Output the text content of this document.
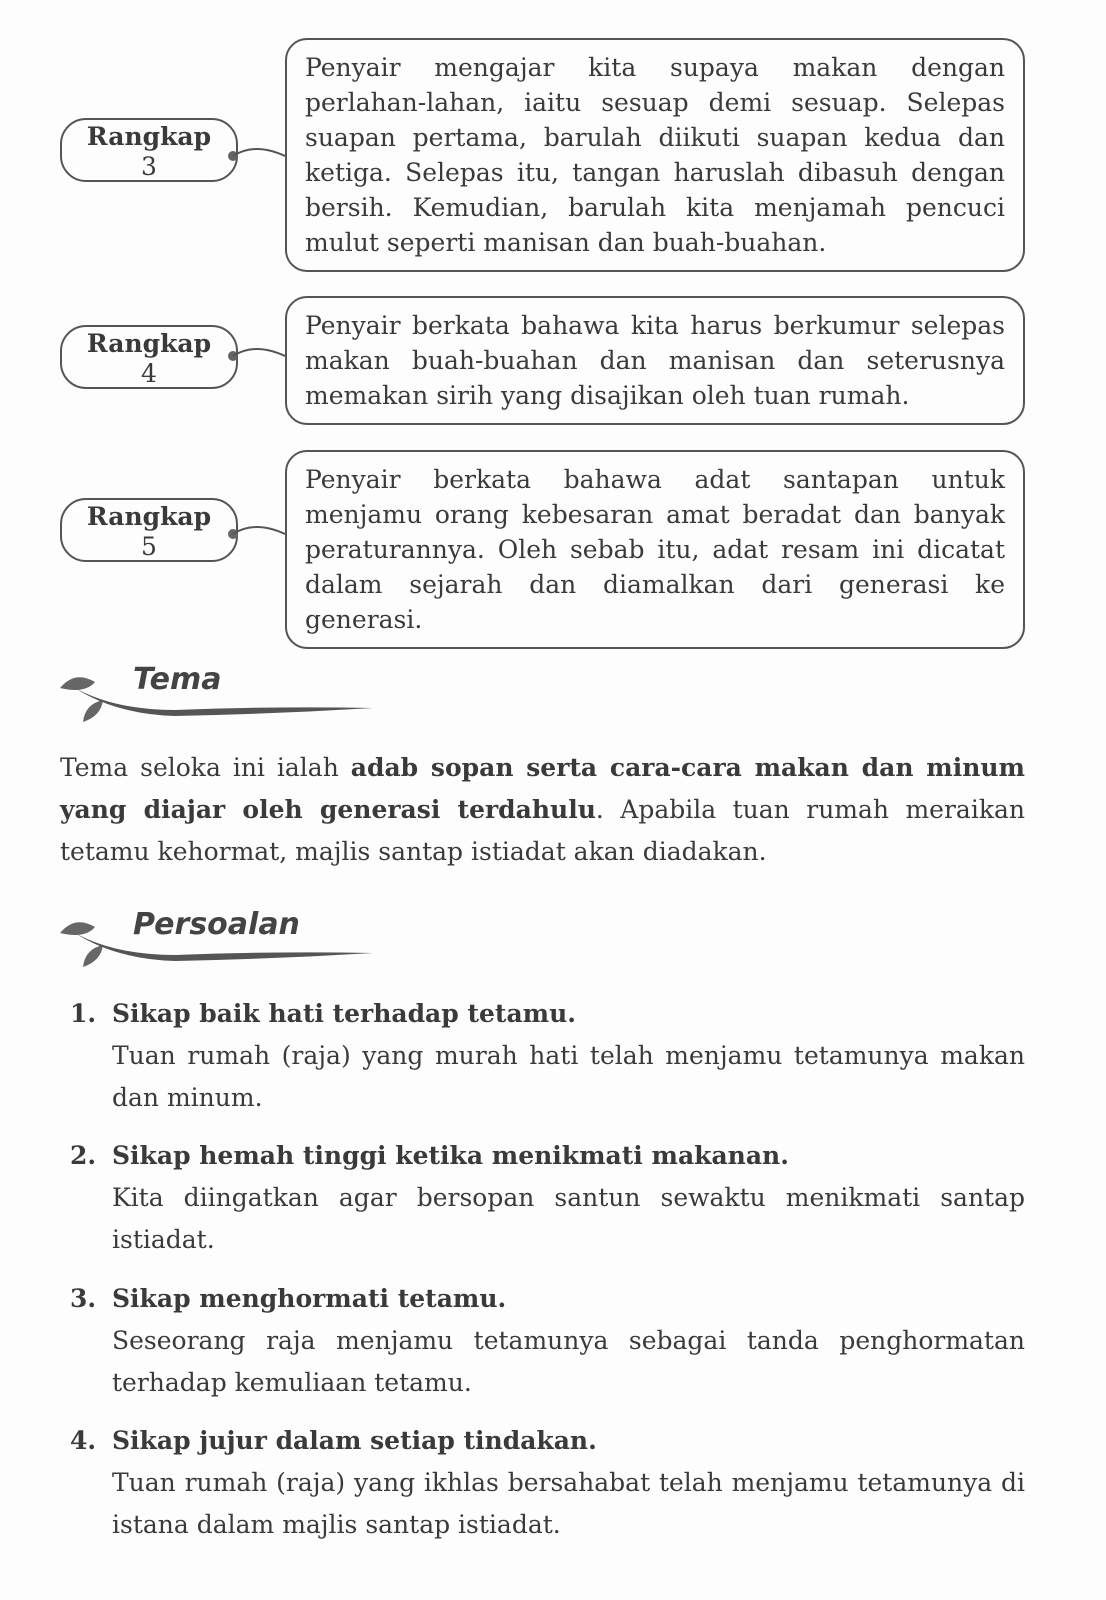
Rangkap
3
Penyair mengajar kita supaya makan dengan perlahan-lahan, iaitu sesuap demi sesuap. Selepas suapan pertama, barulah diikuti suapan kedua dan ketiga. Selepas itu, tangan haruslah dibasuh dengan bersih. Kemudian, barulah kita menjamah pencuci mulut seperti manisan dan buah-buahan.
Rangkap
4
Penyair berkata bahawa kita harus berkumur selepas makan buah-buahan dan manisan dan seterusnya memakan sirih yang disajikan oleh tuan rumah.
Rangkap
5
Penyair berkata bahawa adat santapan untuk menjamu orang kebesaran amat beradat dan banyak peraturannya. Oleh sebab itu, adat resam ini dicatat dalam sejarah dan diamalkan dari generasi ke generasi.
Tema
Tema seloka ini ialah adab sopan serta cara-cara makan dan minum yang diajar oleh generasi terdahulu. Apabila tuan rumah meraikan tetamu kehormat, majlis santap istiadat akan diadakan.
Persoalan
1. Sikap baik hati terhadap tetamu.
Tuan rumah (raja) yang murah hati telah menjamu tetamunya makan dan minum.
2. Sikap hemah tinggi ketika menikmati makanan.
Kita diingatkan agar bersopan santun sewaktu menikmati santap istiadat.
3. Sikap menghormati tetamu.
Seseorang raja menjamu tetamunya sebagai tanda penghormatan terhadap kemuliaan tetamu.
4. Sikap jujur dalam setiap tindakan.
Tuan rumah (raja) yang ikhlas bersahabat telah menjamu tetamunya di istana dalam majlis santap istiadat.
